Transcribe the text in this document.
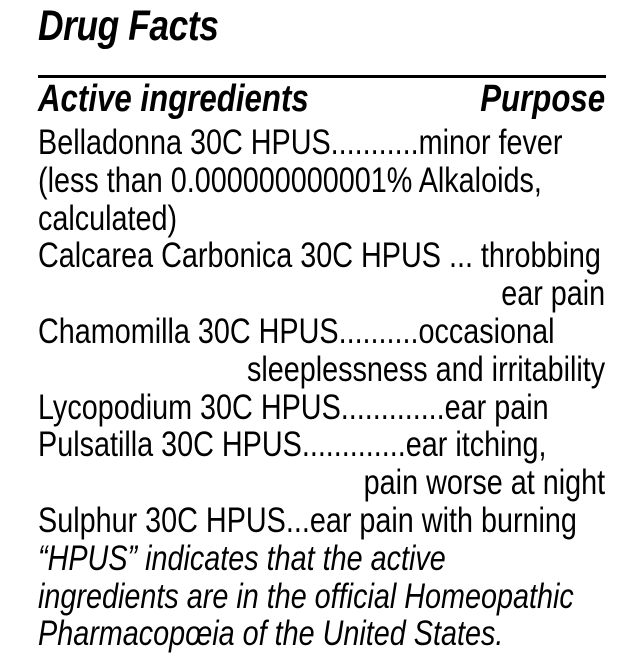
Drug Facts
Active ingredients	Purpose
Belladonna 30C HPUS...........minor fever
(less than 0.000000000001% Alkaloids,
calculated)
Calcarea Carbonica 30C HPUS ... throbbing
ear pain
Chamomilla 30C HPUS..........occasional
sleeplessness and irritability
Lycopodium 30C HPUS.............ear pain
Pulsatilla 30C HPUS.............ear itching,
pain worse at night
Sulphur 30C HPUS...ear pain with burning
“HPUS” indicates that the active
ingredients are in the official Homeopathic
Pharmacopœia of the United States.
